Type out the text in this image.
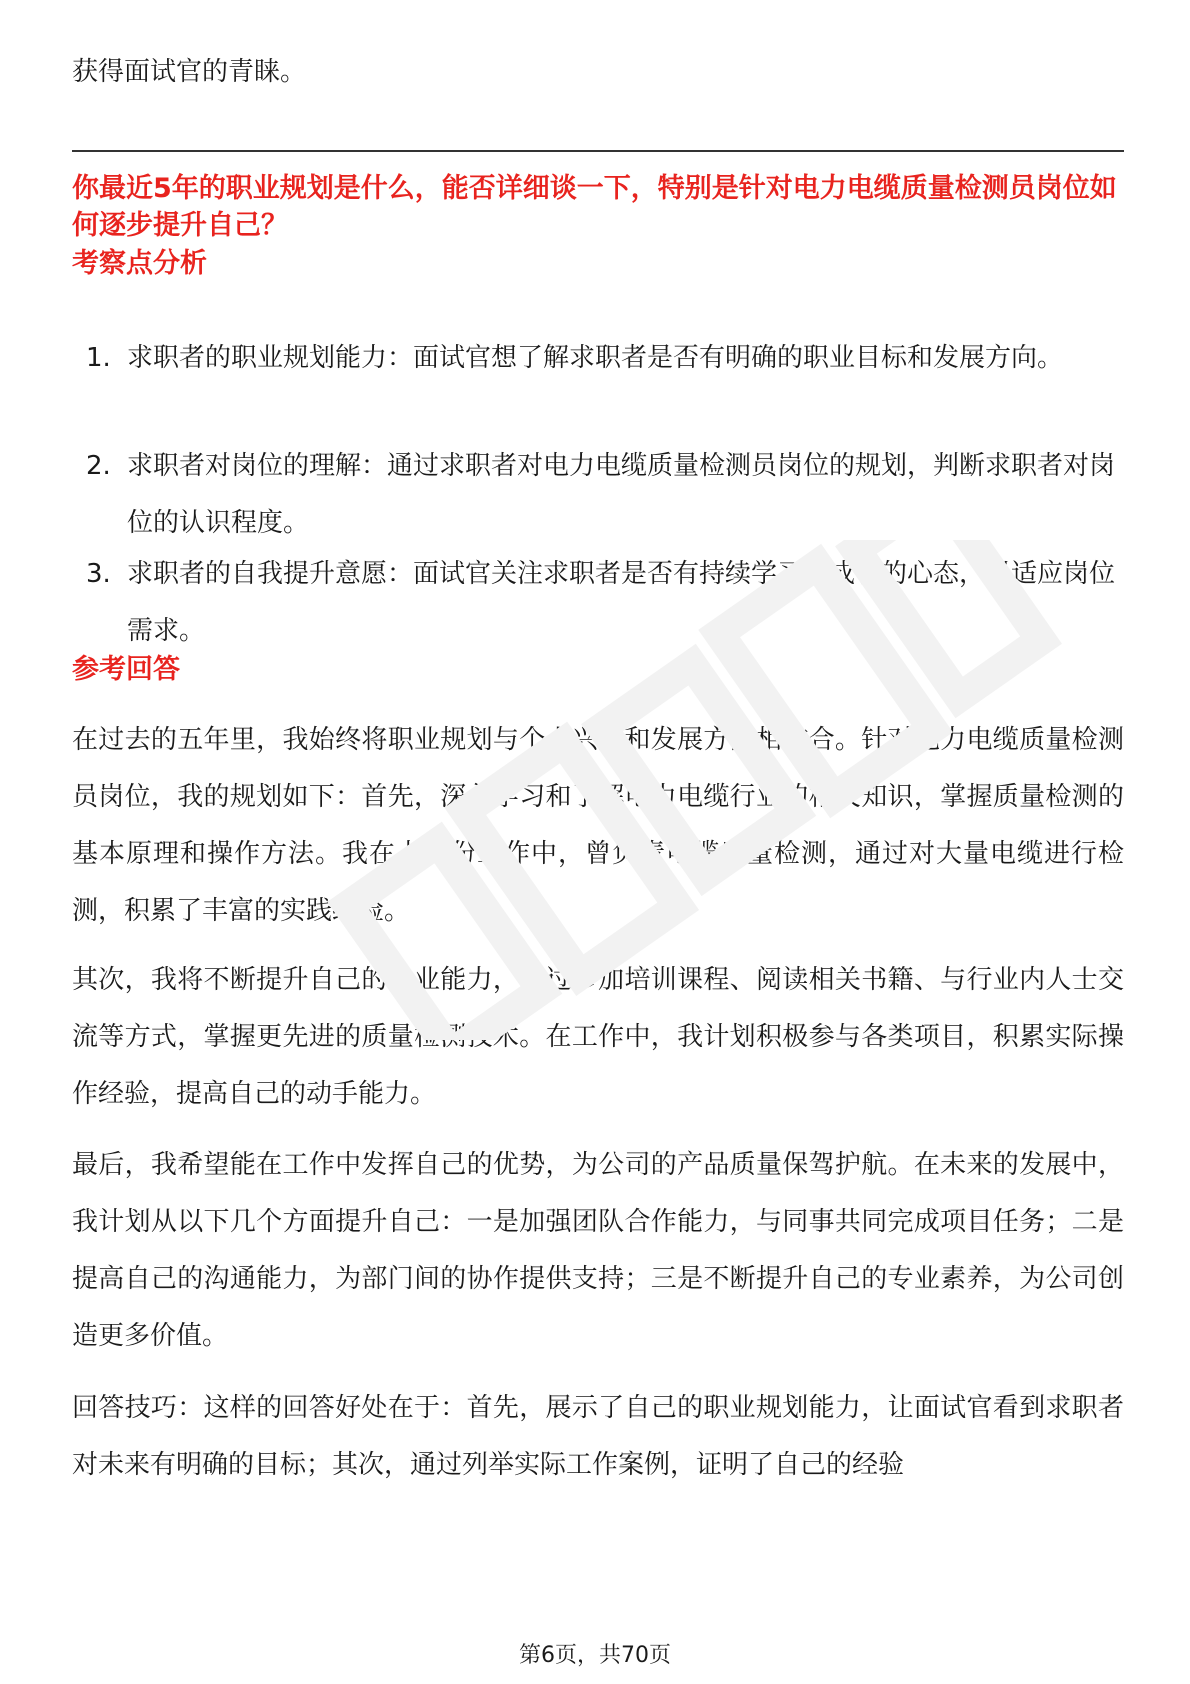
获得面试官的青睐。

你最近5年的职业规划是什么，能否详细谈一下，特别是针对电力电缆质量检测员岗位如何逐步提升自己？
考察点分析
1. 求职者的职业规划能力：面试官想了解求职者是否有明确的职业目标和发展方向。
2. 求职者对岗位的理解：通过求职者对电力电缆质量检测员岗位的规划，判断求职者对岗位的认识程度。
3. 求职者的自我提升意愿：面试官关注求职者是否有持续学习和成长的心态，以适应岗位需求。
参考回答

在过去的五年里，我始终将职业规划与个人兴趣和发展方向相结合。针对电力电缆质量检测员岗位，我的规划如下：首先，深入学习和了解电力电缆行业的相关知识，掌握质量检测的基本原理和操作方法。我在上一份工作中，曾负责电缆质量检测，通过对大量电缆进行检测，积累了丰富的实践经验。

其次，我将不断提升自己的专业能力，通过参加培训课程、阅读相关书籍、与行业内人士交流等方式，掌握更先进的质量检测技术。在工作中，我计划积极参与各类项目，积累实际操作经验，提高自己的动手能力。

最后，我希望能在工作中发挥自己的优势，为公司的产品质量保驾护航。在未来的发展中，我计划从以下几个方面提升自己：一是加强团队合作能力，与同事共同完成项目任务；二是提高自己的沟通能力，为部门间的协作提供支持；三是不断提升自己的专业素养，为公司创造更多价值。

回答技巧：这样的回答好处在于：首先，展示了自己的职业规划能力，让面试官看到求职者对未来有明确的目标；其次，通过列举实际工作案例，证明了自己的经验

第6页，共70页
